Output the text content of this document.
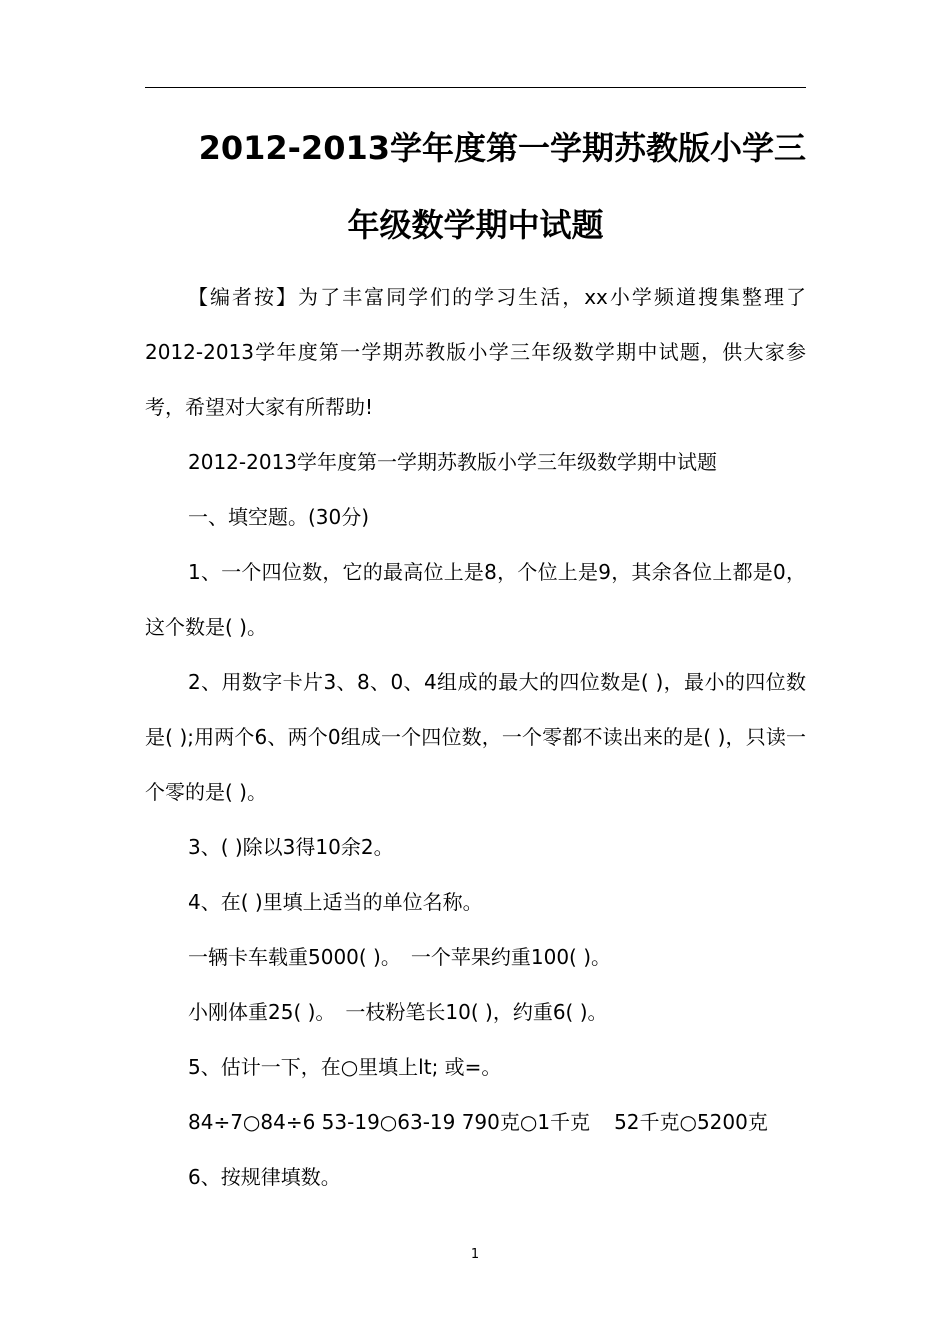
2012-2013学年度第一学期苏教版小学三
年级数学期中试题

【编者按】为了丰富同学们的学习生活，xx小学频道搜集整理了2012-2013学年度第一学期苏教版小学三年级数学期中试题，供大家参考，希望对大家有所帮助!

2012-2013学年度第一学期苏教版小学三年级数学期中试题

一、填空题。(30分)

1、一个四位数，它的最高位上是8，个位上是9，其余各位上都是0，这个数是( )。

2、用数字卡片3、8、0、4组成的最大的四位数是( )，最小的四位数是( );用两个6、两个0组成一个四位数，一个零都不读出来的是( )，只读一个零的是( )。

3、( )除以3得10余2。

4、在( )里填上适当的单位名称。

一辆卡车载重5000( )。 一个苹果约重100( )。

小刚体重25( )。 一枝粉笔长10( )，约重6( )。

5、估计一下，在○里填上lt; 或=。

84÷7○84÷6 53-19○63-19 790克○1千克 52千克○5200克

6、按规律填数。

1
